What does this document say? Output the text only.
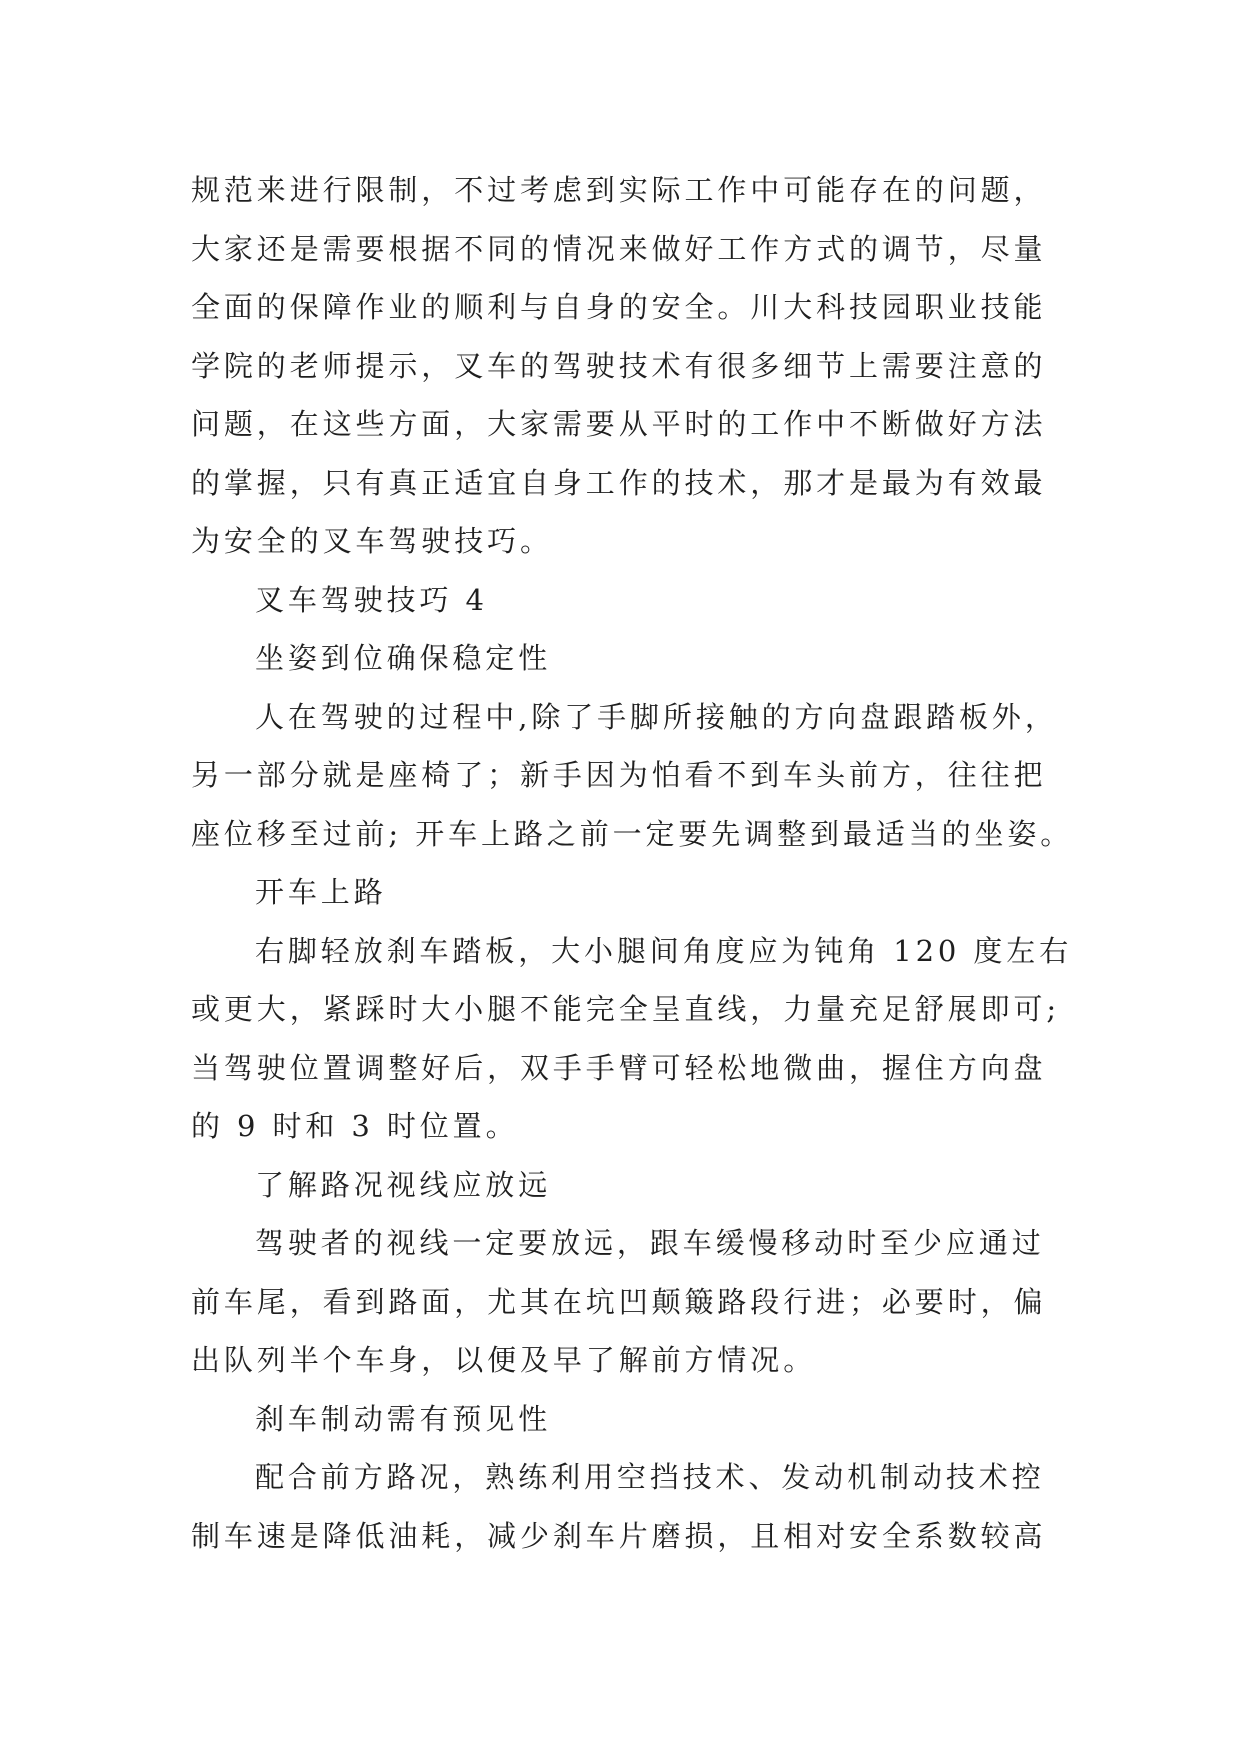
规范来进行限制，不过考虑到实际工作中可能存在的问题，
大家还是需要根据不同的情况来做好工作方式的调节，尽量
全面的保障作业的顺利与自身的安全。川大科技园职业技能
学院的老师提示，叉车的驾驶技术有很多细节上需要注意的
问题，在这些方面，大家需要从平时的工作中不断做好方法
的掌握，只有真正适宜自身工作的技术，那才是最为有效最
为安全的叉车驾驶技巧。
叉车驾驶技巧 4
坐姿到位确保稳定性
人在驾驶的过程中,除了手脚所接触的方向盘跟踏板外，
另一部分就是座椅了；新手因为怕看不到车头前方，往往把
座位移至过前; 开车上路之前一定要先调整到最适当的坐姿。
开车上路
右脚轻放刹车踏板，大小腿间角度应为钝角 120 度左右
或更大，紧踩时大小腿不能完全呈直线，力量充足舒展即可;
当驾驶位置调整好后，双手手臂可轻松地微曲，握住方向盘
的 9 时和 3 时位置。
了解路况视线应放远
驾驶者的视线一定要放远，跟车缓慢移动时至少应通过
前车尾，看到路面，尤其在坑凹颠簸路段行进；必要时，偏
出队列半个车身，以便及早了解前方情况。
刹车制动需有预见性
配合前方路况，熟练利用空挡技术、发动机制动技术控
制车速是降低油耗，减少刹车片磨损，且相对安全系数较高
